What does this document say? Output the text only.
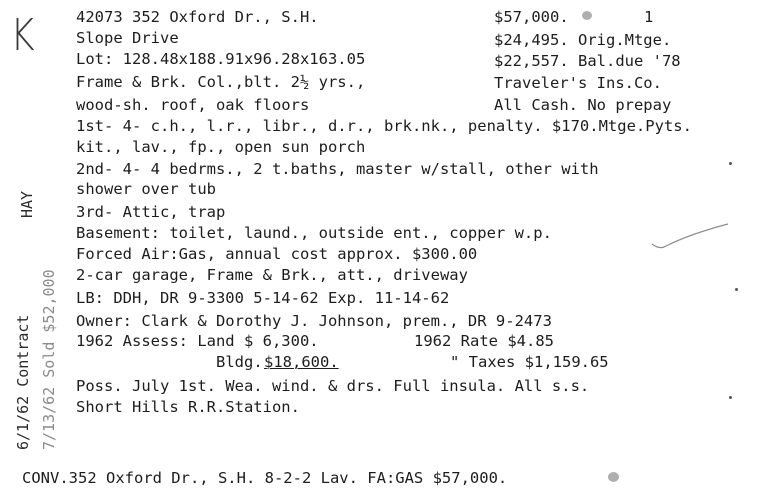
K
HAY
6/1/62 Contract 7/13/62 Sold $52,000
42073 352 Oxford Dr., S.H.
Slope Drive
Lot: 128.48x188.91x96.28x163.05
Frame & Brk. Col.,blt. 2½ yrs.,
wood-sh. roof, oak floors
$57,000.	1
$24,495. Orig.Mtge.
$22,557. Bal.due '78
Traveler's Ins.Co.
All Cash. No prepay
1st- 4- c.h., l.r., libr., d.r., brk.nk., penalty. $170.Mtge.Pyts.
kit., lav., fp., open sun porch
2nd- 4- 4 bedrms., 2 t.baths, master w/stall, other with
shower over tub
3rd- Attic, trap
Basement: toilet, laund., outside ent., copper w.p.
Forced Air:Gas, annual cost approx. $300.00
2-car garage, Frame & Brk., att., driveway
LB: DDH, DR 9-3300 5-14-62 Exp. 11-14-62
Owner: Clark & Dorothy J. Johnson, prem., DR 9-2473
1962 Assess: Land $ 6,300.	1962 Rate $4.85
Bldg. $18,600.	" Taxes $1,159.65
Poss. July 1st. Wea. wind. & drs. Full insula. All s.s.
Short Hills R.R.Station.
CONV.352 Oxford Dr., S.H. 8-2-2 Lav. FA:GAS $57,000.
